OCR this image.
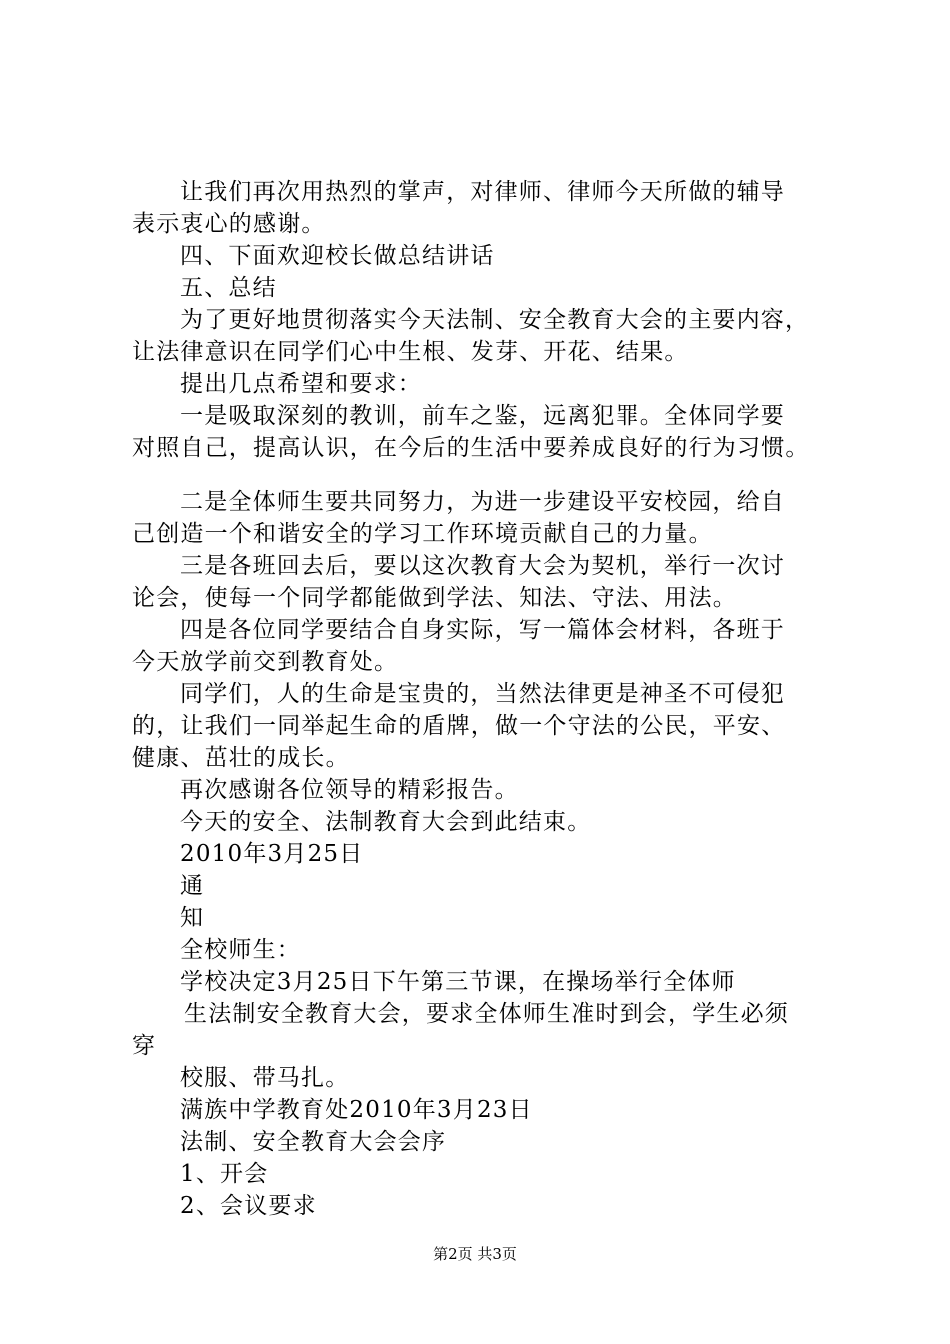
让我们再次用热烈的掌声，对律师、律师今天所做的辅导
表示衷心的感谢。
四、下面欢迎校长做总结讲话
五、总结
为了更好地贯彻落实今天法制、安全教育大会的主要内容，
让法律意识在同学们心中生根、发芽、开花、结果。
提出几点希望和要求：
一是吸取深刻的教训，前车之鉴，远离犯罪。全体同学要
对照自己，提高认识，在今后的生活中要养成良好的行为习惯。
二是全体师生要共同努力，为进一步建设平安校园，给自
己创造一个和谐安全的学习工作环境贡献自己的力量。
三是各班回去后，要以这次教育大会为契机，举行一次讨
论会，使每一个同学都能做到学法、知法、守法、用法。
四是各位同学要结合自身实际，写一篇体会材料，各班于
今天放学前交到教育处。
同学们，人的生命是宝贵的，当然法律更是神圣不可侵犯
的，让我们一同举起生命的盾牌，做一个守法的公民，平安、
健康、茁壮的成长。
再次感谢各位领导的精彩报告。
今天的安全、法制教育大会到此结束。
2010年3月25日
通
知
全校师生：
学校决定3月25日下午第三节课，在操场举行全体师
生法制安全教育大会，要求全体师生准时到会，学生必须
穿
校服、带马扎。
满族中学教育处2010年3月23日
法制、安全教育大会会序
1、开会
2、会议要求
第2页 共3页
